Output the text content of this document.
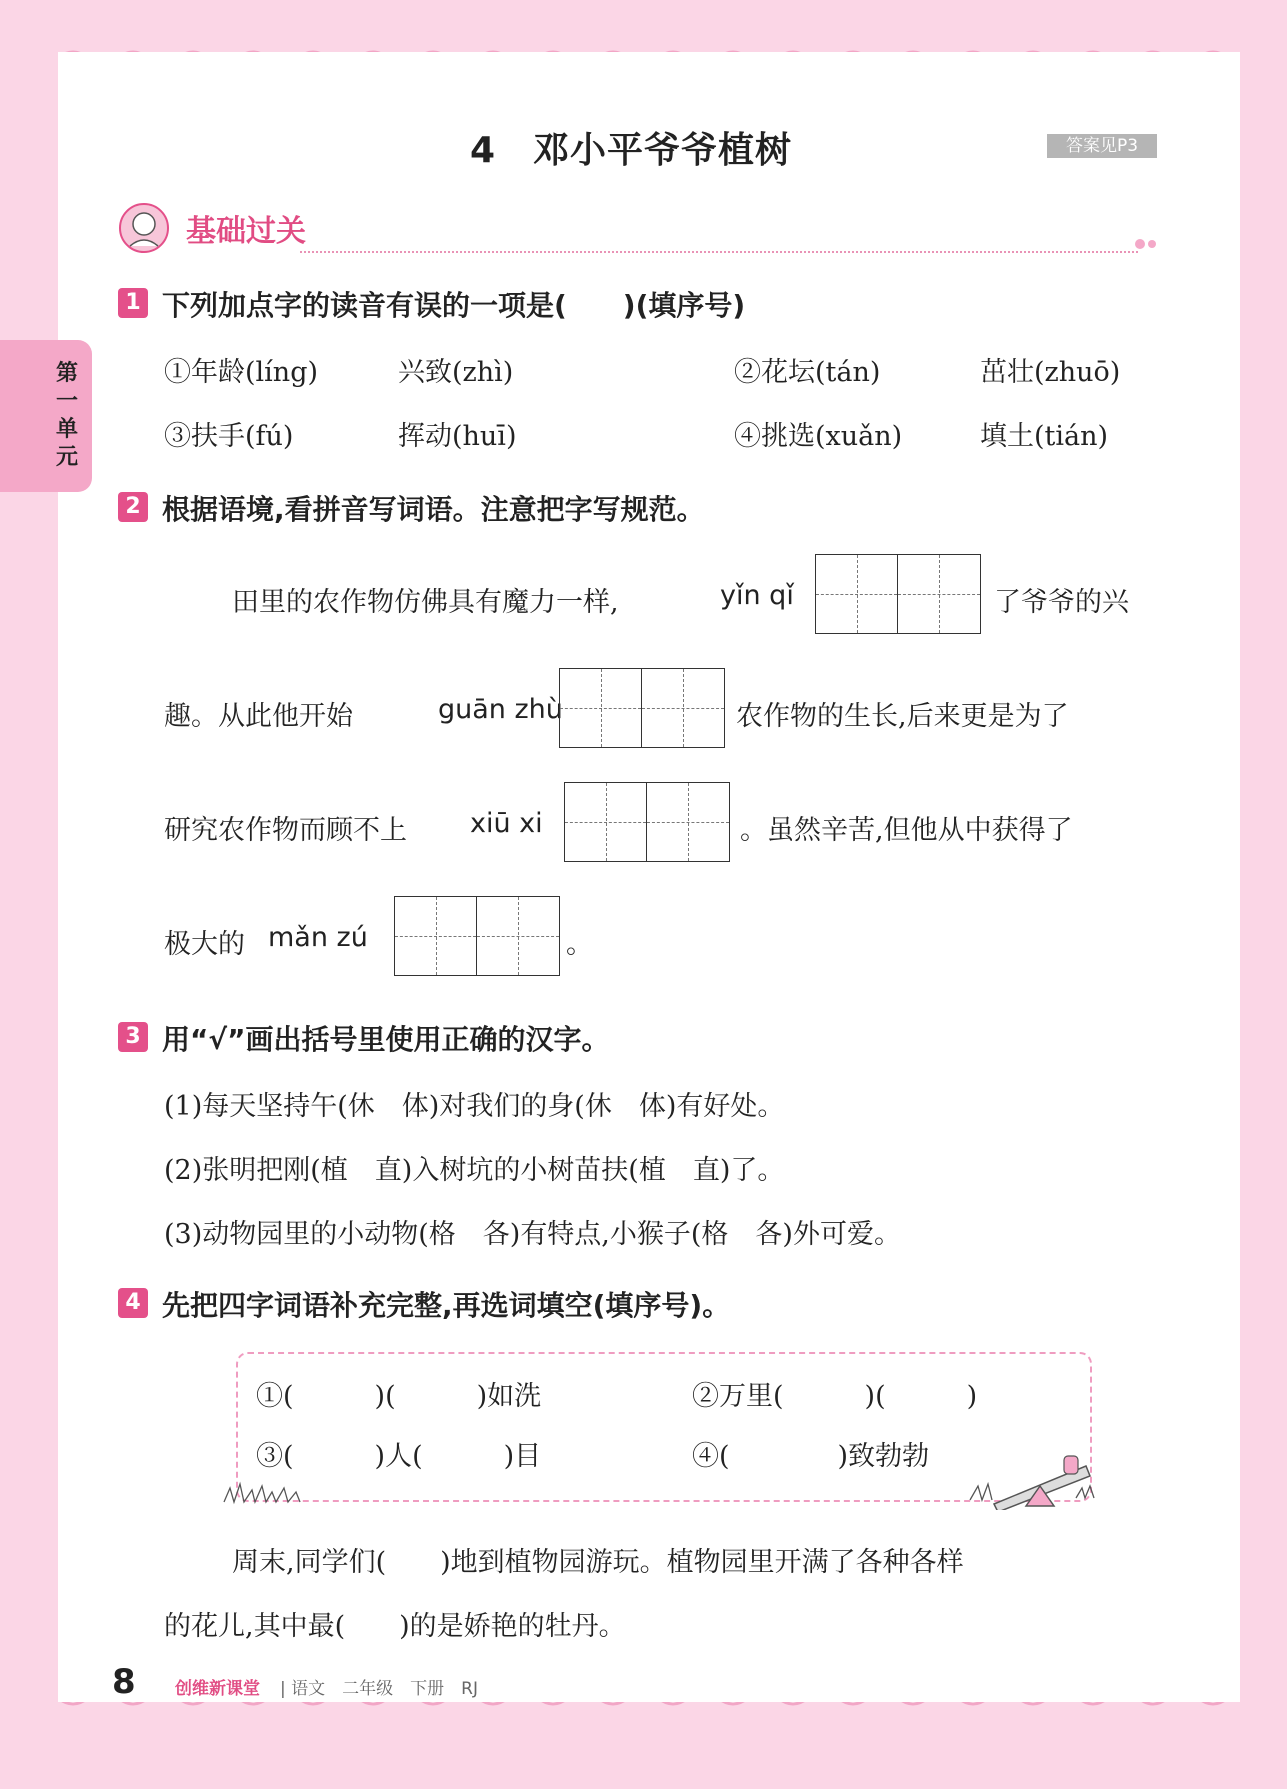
4　邓小平爷爷植树	答案见P3
第一单元
基础过关
1 下列加点字的读音有误的一项是(　　)(填序号)
①年龄(líng)	兴致(zhì)	②花坛(tán)	茁壮(zhuō)
③扶手(fú)	挥动(huī)	④挑选(xuǎn)	填土(tián)
2 根据语境,看拼音写词语。注意把字写规范。
田里的农作物仿佛具有魔力一样,	yǐn qǐ	了爷爷的兴
趣。从此他开始	guān zhù	农作物的生长,后来更是为了
研究农作物而顾不上 xiū xi	。虽然辛苦,但他从中获得了
极大的 mǎn zú	。
3 用“√”画出括号里使用正确的汉字。
(1)每天坚持午(休　体)对我们的身(休　体)有好处。
(2)张明把刚(植　直)入树坑的小树苗扶(植　直)了。
(3)动物园里的小动物(格　各)有特点,小猴子(格　各)外可爱。
4 先把四字词语补充完整,再选词填空(填序号)。
①(　　　)(　　　)如洗	②万里(　　　)(　　　)
③(　　　)人(　　　)目	④(　　　　)致勃勃
周末,同学们(　　)地到植物园游玩。植物园里开满了各种各样
的花儿,其中最(　　)的是娇艳的牡丹。
8 创维新课堂 | 语文　二年级　下册　RJ
